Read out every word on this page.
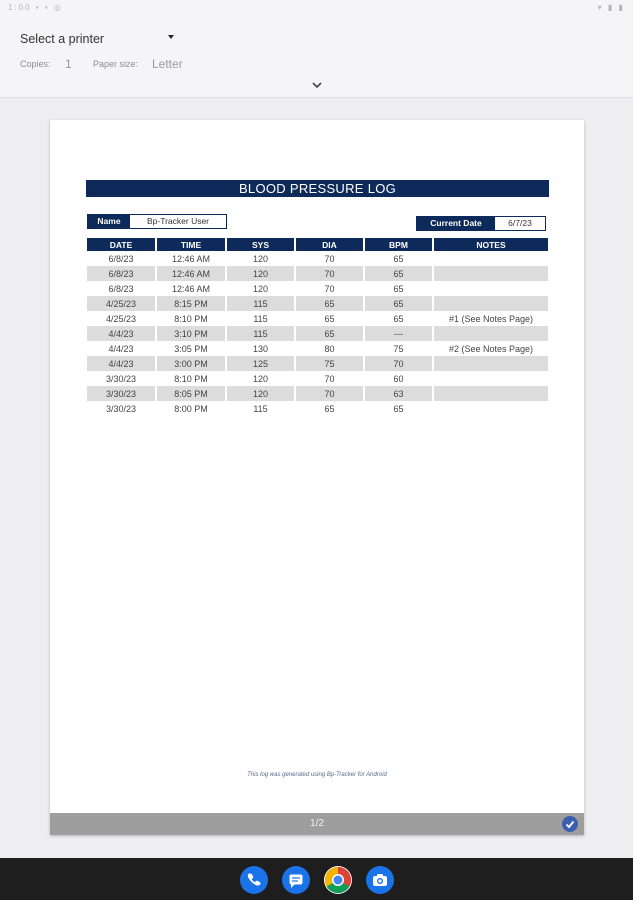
1:00 ▪ ▪ ◎	▾ ▮ ▮
Select a printer
Copies: 1 Paper size: Letter
BLOOD PRESSURE LOG
Name	Bp-Tracker User	Current Date	6/7/23
DATE	TIME	SYS	DIA	BPM	NOTES
6/8/23	12:46 AM	120	70	65	
6/8/23	12:46 AM	120	70	65	
6/8/23	12:46 AM	120	70	65	
4/25/23	8:15 PM	115	65	65	
4/25/23	8:10 PM	115	65	65	#1 (See Notes Page)
4/4/23	3:10 PM	115	65	---	
4/4/23	3:05 PM	130	80	75	#2 (See Notes Page)
4/4/23	3:00 PM	125	75	70	
3/30/23	8:10 PM	120	70	60	
3/30/23	8:05 PM	120	70	63	
3/30/23	8:00 PM	115	65	65	
This log was generated using Bp-Tracker for Android
1/2
